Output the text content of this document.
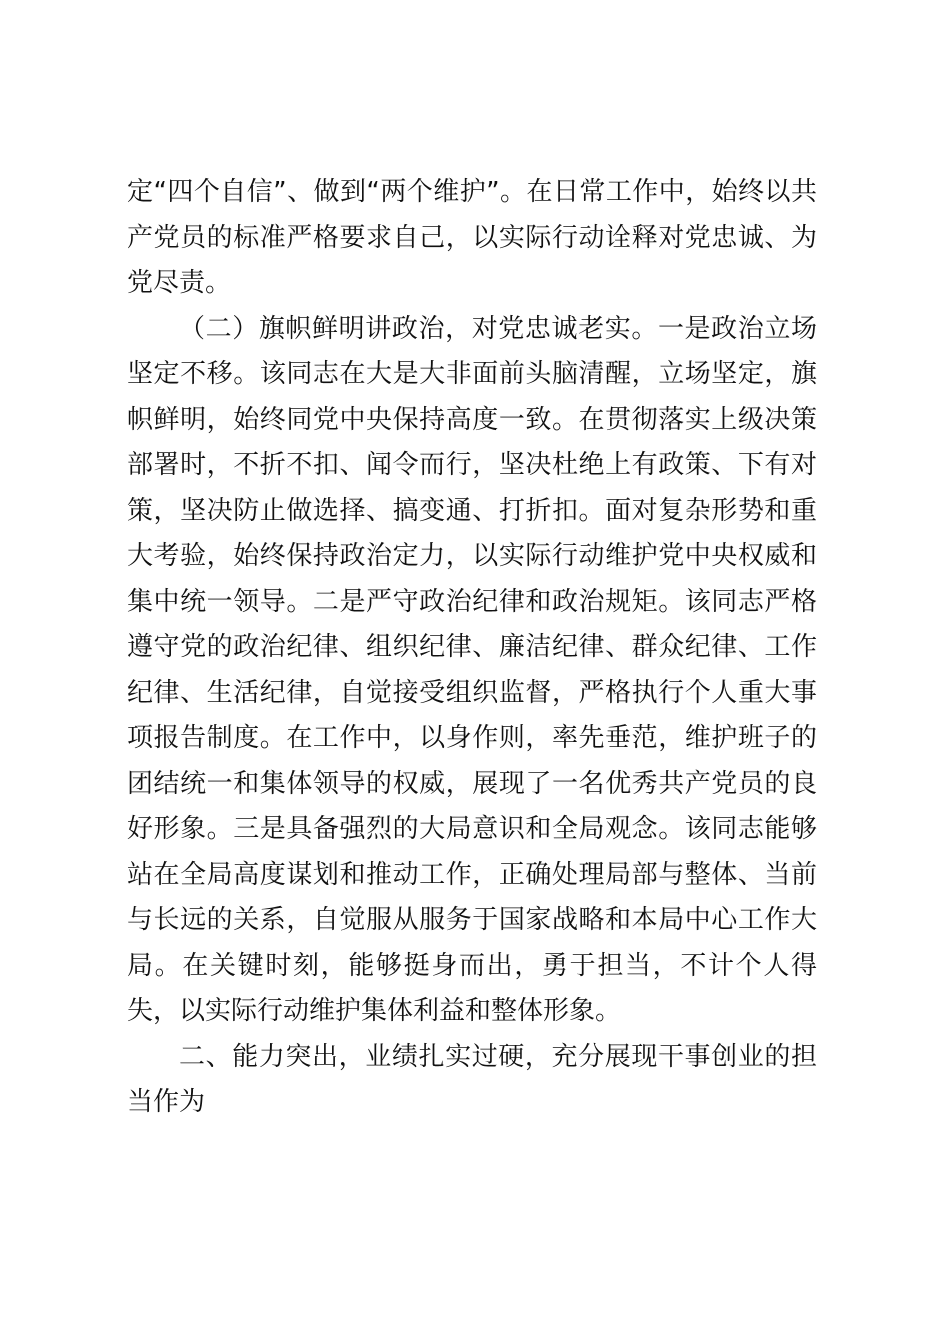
定“四个自信”、做到“两个维护”。在日常工作中，始终以共产党员的标准严格要求自己，以实际行动诠释对党忠诚、为党尽责。

（二）旗帜鲜明讲政治，对党忠诚老实。一是政治立场坚定不移。该同志在大是大非面前头脑清醒，立场坚定，旗帜鲜明，始终同党中央保持高度一致。在贯彻落实上级决策部署时，不折不扣、闻令而行，坚决杜绝上有政策、下有对策，坚决防止做选择、搞变通、打折扣。面对复杂形势和重大考验，始终保持政治定力，以实际行动维护党中央权威和集中统一领导。二是严守政治纪律和政治规矩。该同志严格遵守党的政治纪律、组织纪律、廉洁纪律、群众纪律、工作纪律、生活纪律，自觉接受组织监督，严格执行个人重大事项报告制度。在工作中，以身作则，率先垂范，维护班子的团结统一和集体领导的权威，展现了一名优秀共产党员的良好形象。三是具备强烈的大局意识和全局观念。该同志能够站在全局高度谋划和推动工作，正确处理局部与整体、当前与长远的关系，自觉服从服务于国家战略和本局中心工作大局。在关键时刻，能够挺身而出，勇于担当，不计个人得失，以实际行动维护集体利益和整体形象。

二、能力突出，业绩扎实过硬，充分展现干事创业的担当作为
